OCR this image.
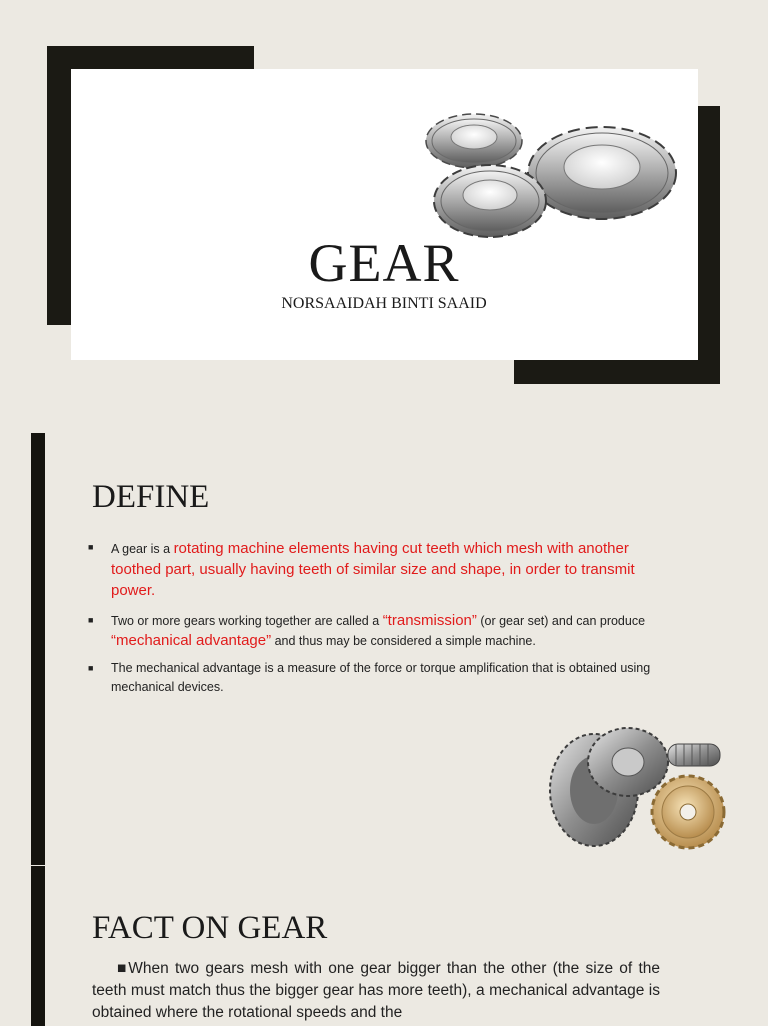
GEAR
NORSAAIDAH BINTI SAAID
DEFINE
■ A gear is a rotating machine elements having cut teeth which mesh with another toothed part, usually having teeth of similar size and shape, in order to transmit power.
■ Two or more gears working together are called a “transmission” (or gear set) and can produce “mechanical advantage” and thus may be considered a simple machine.
■ The mechanical advantage is a measure of the force or torque amplification that is obtained using mechanical devices.
FACT ON GEAR
■When two gears mesh with one gear bigger than the other (the size of the teeth must match thus the bigger gear has more teeth), a mechanical advantage is obtained where the rotational speeds and the
